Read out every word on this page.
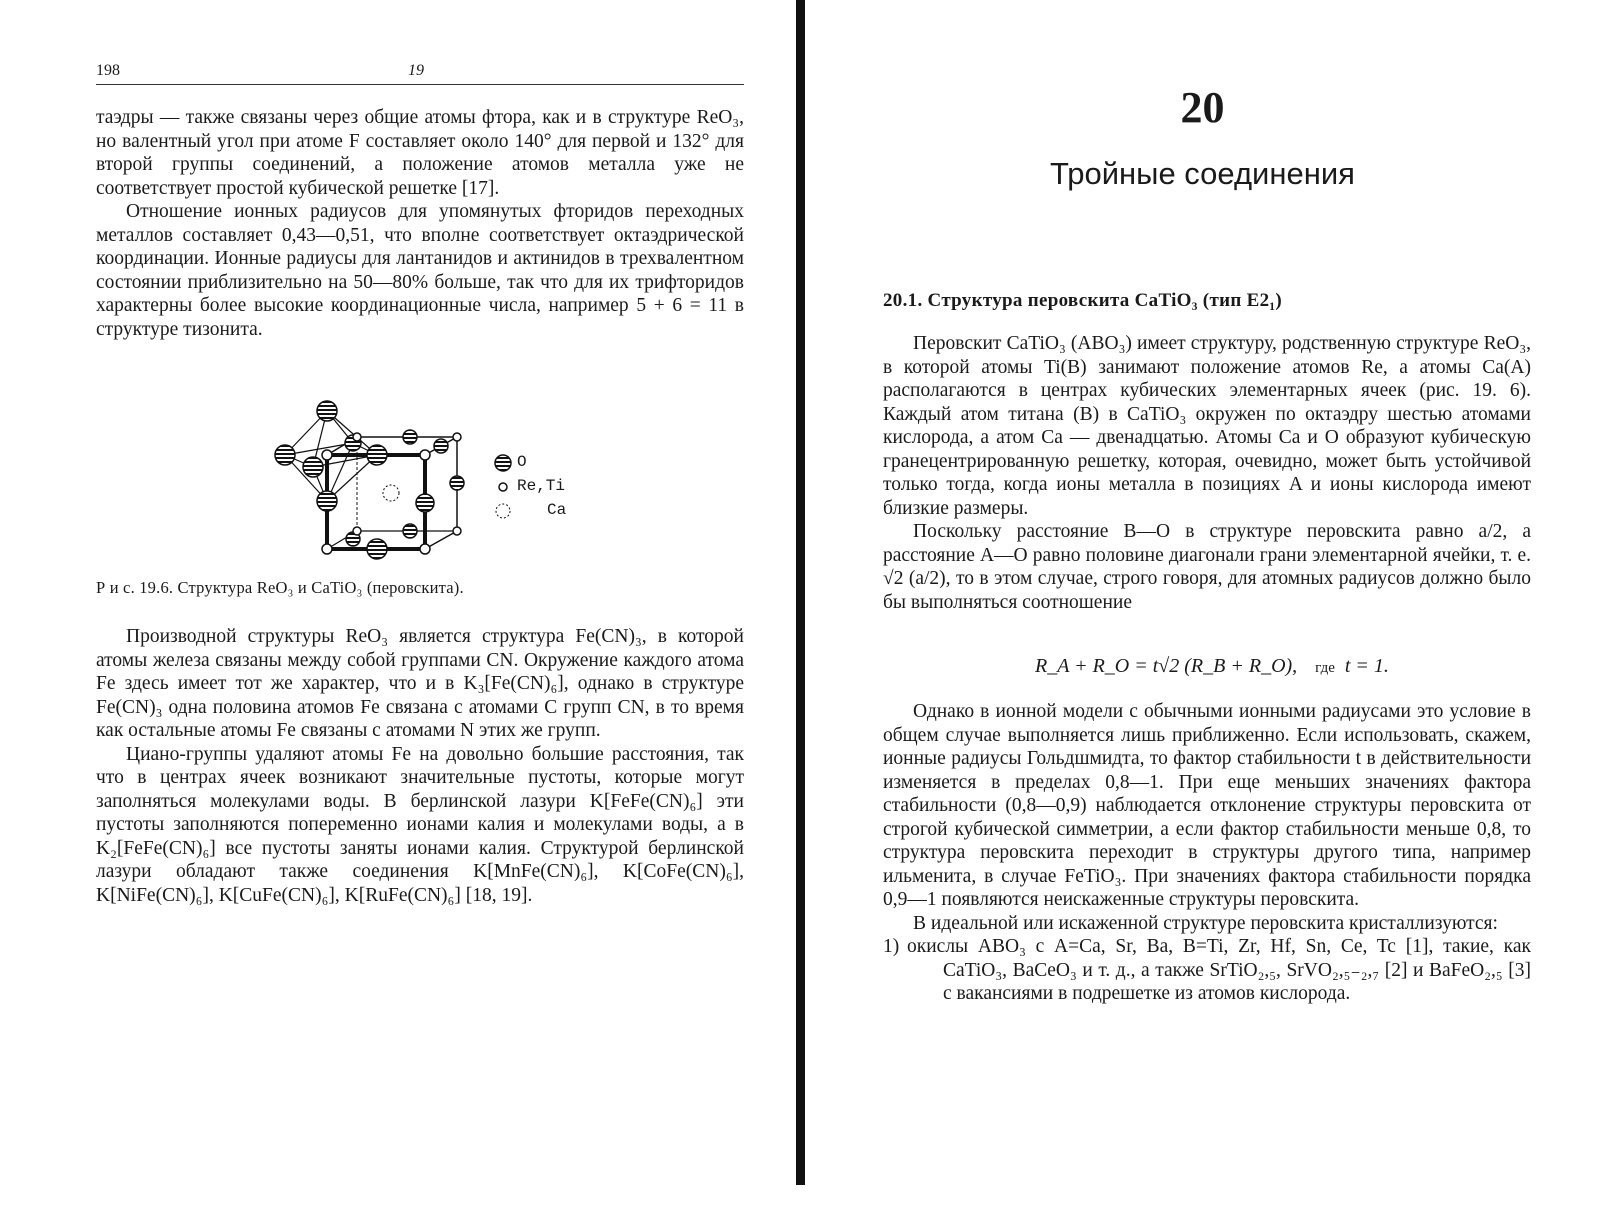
198	19

таэдры — также связаны через общие атомы фтора, как и в структуре ReO₃, но валентный угол при атоме F составляет около 140° для первой и 132° для второй группы соединений, а положение атомов металла уже не соответствует простой кубической решетке [17].

Отношение ионных радиусов для упомянутых фторидов переходных металлов составляет 0,43—0,51, что вполне соответствует октаэдрической координации. Ионные радиусы для лантанидов и актинидов в трехвалентном состоянии приблизительно на 50—80% больше, так что для их трифторидов характерны более высокие координационные числа, например 5 + 6 = 11 в структуре тизонита.

O
Re,Ti
Ca

Р и с. 19.6. Структура ReO₃ и CaTiO₃ (перовскита).

Производной структуры ReO₃ является структура Fe(CN)₃, в которой атомы железа связаны между собой группами CN. Окружение каждого атома Fe здесь имеет тот же характер, что и в K₃[Fe(CN)₆], однако в структуре Fe(CN)₃ одна половина атомов Fe связана с атомами C групп CN, в то время как остальные атомы Fe связаны с атомами N этих же групп.

Циано-группы удаляют атомы Fe на довольно большие расстояния, так что в центрах ячеек возникают значительные пустоты, которые могут заполняться молекулами воды. В берлинской лазури K[FeFe(CN)₆] эти пустоты заполняются попеременно ионами калия и молекулами воды, а в K₂[FeFe(CN)₆] все пустоты заняты ионами калия. Структурой берлинской лазури обладают также соединения K[MnFe(CN)₆], K[CoFe(CN)₆], K[NiFe(CN)₆], K[CuFe(CN)₆], K[RuFe(CN)₆] [18, 19].

20
Тройные соединения
20.1. Структура перовскита CaTiO₃ (тип E2₁)

Перовскит CaTiO₃ (ABO₃) имеет структуру, родственную структуре ReO₃, в которой атомы Ti(B) занимают положение атомов Re, а атомы Ca(A) располагаются в центрах кубических элементарных ячеек (рис. 19. 6). Каждый атом титана (B) в CaTiO₃ окружен по октаэдру шестью атомами кислорода, а атом Ca — двенадцатью. Атомы Ca и O образуют кубическую гранецентрированную решетку, которая, очевидно, может быть устойчивой только тогда, когда ионы металла в позициях A и ионы кислорода имеют близкие размеры.

Поскольку расстояние B—O в структуре перовскита равно a/2, а расстояние A—O равно половине диагонали грани элементарной ячейки, т. е. √2 (a/2), то в этом случае, строго говоря, для атомных радиусов должно было бы выполняться соотношение

R_A + R_O = t√2 (R_B + R_O), где t = 1.

Однако в ионной модели с обычными ионными радиусами это условие в общем случае выполняется лишь приближенно. Если использовать, скажем, ионные радиусы Гольдшмидта, то фактор стабильности t в действительности изменяется в пределах 0,8—1. При еще меньших значениях фактора стабильности (0,8—0,9) наблюдается отклонение структуры перовскита от строгой кубической симметрии, а если фактор стабильности меньше 0,8, то структура перовскита переходит в структуры другого типа, например ильменита, в случае FeTiO₃. При значениях фактора стабильности порядка 0,9—1 появляются неискаженные структуры перовскита.

В идеальной или искаженной структуре перовскита кристаллизуются:

1) окислы ABO₃ с A=Ca, Sr, Ba, B=Ti, Zr, Hf, Sn, Ce, Tc [1], такие, как CaTiO₃, BaCeO₃ и т. д., а также SrTiO₂,₅, SrVO₂,₅₋₂,₇ [2] и BaFeO₂,₅ [3] с вакансиями в подрешетке из атомов кислорода.
